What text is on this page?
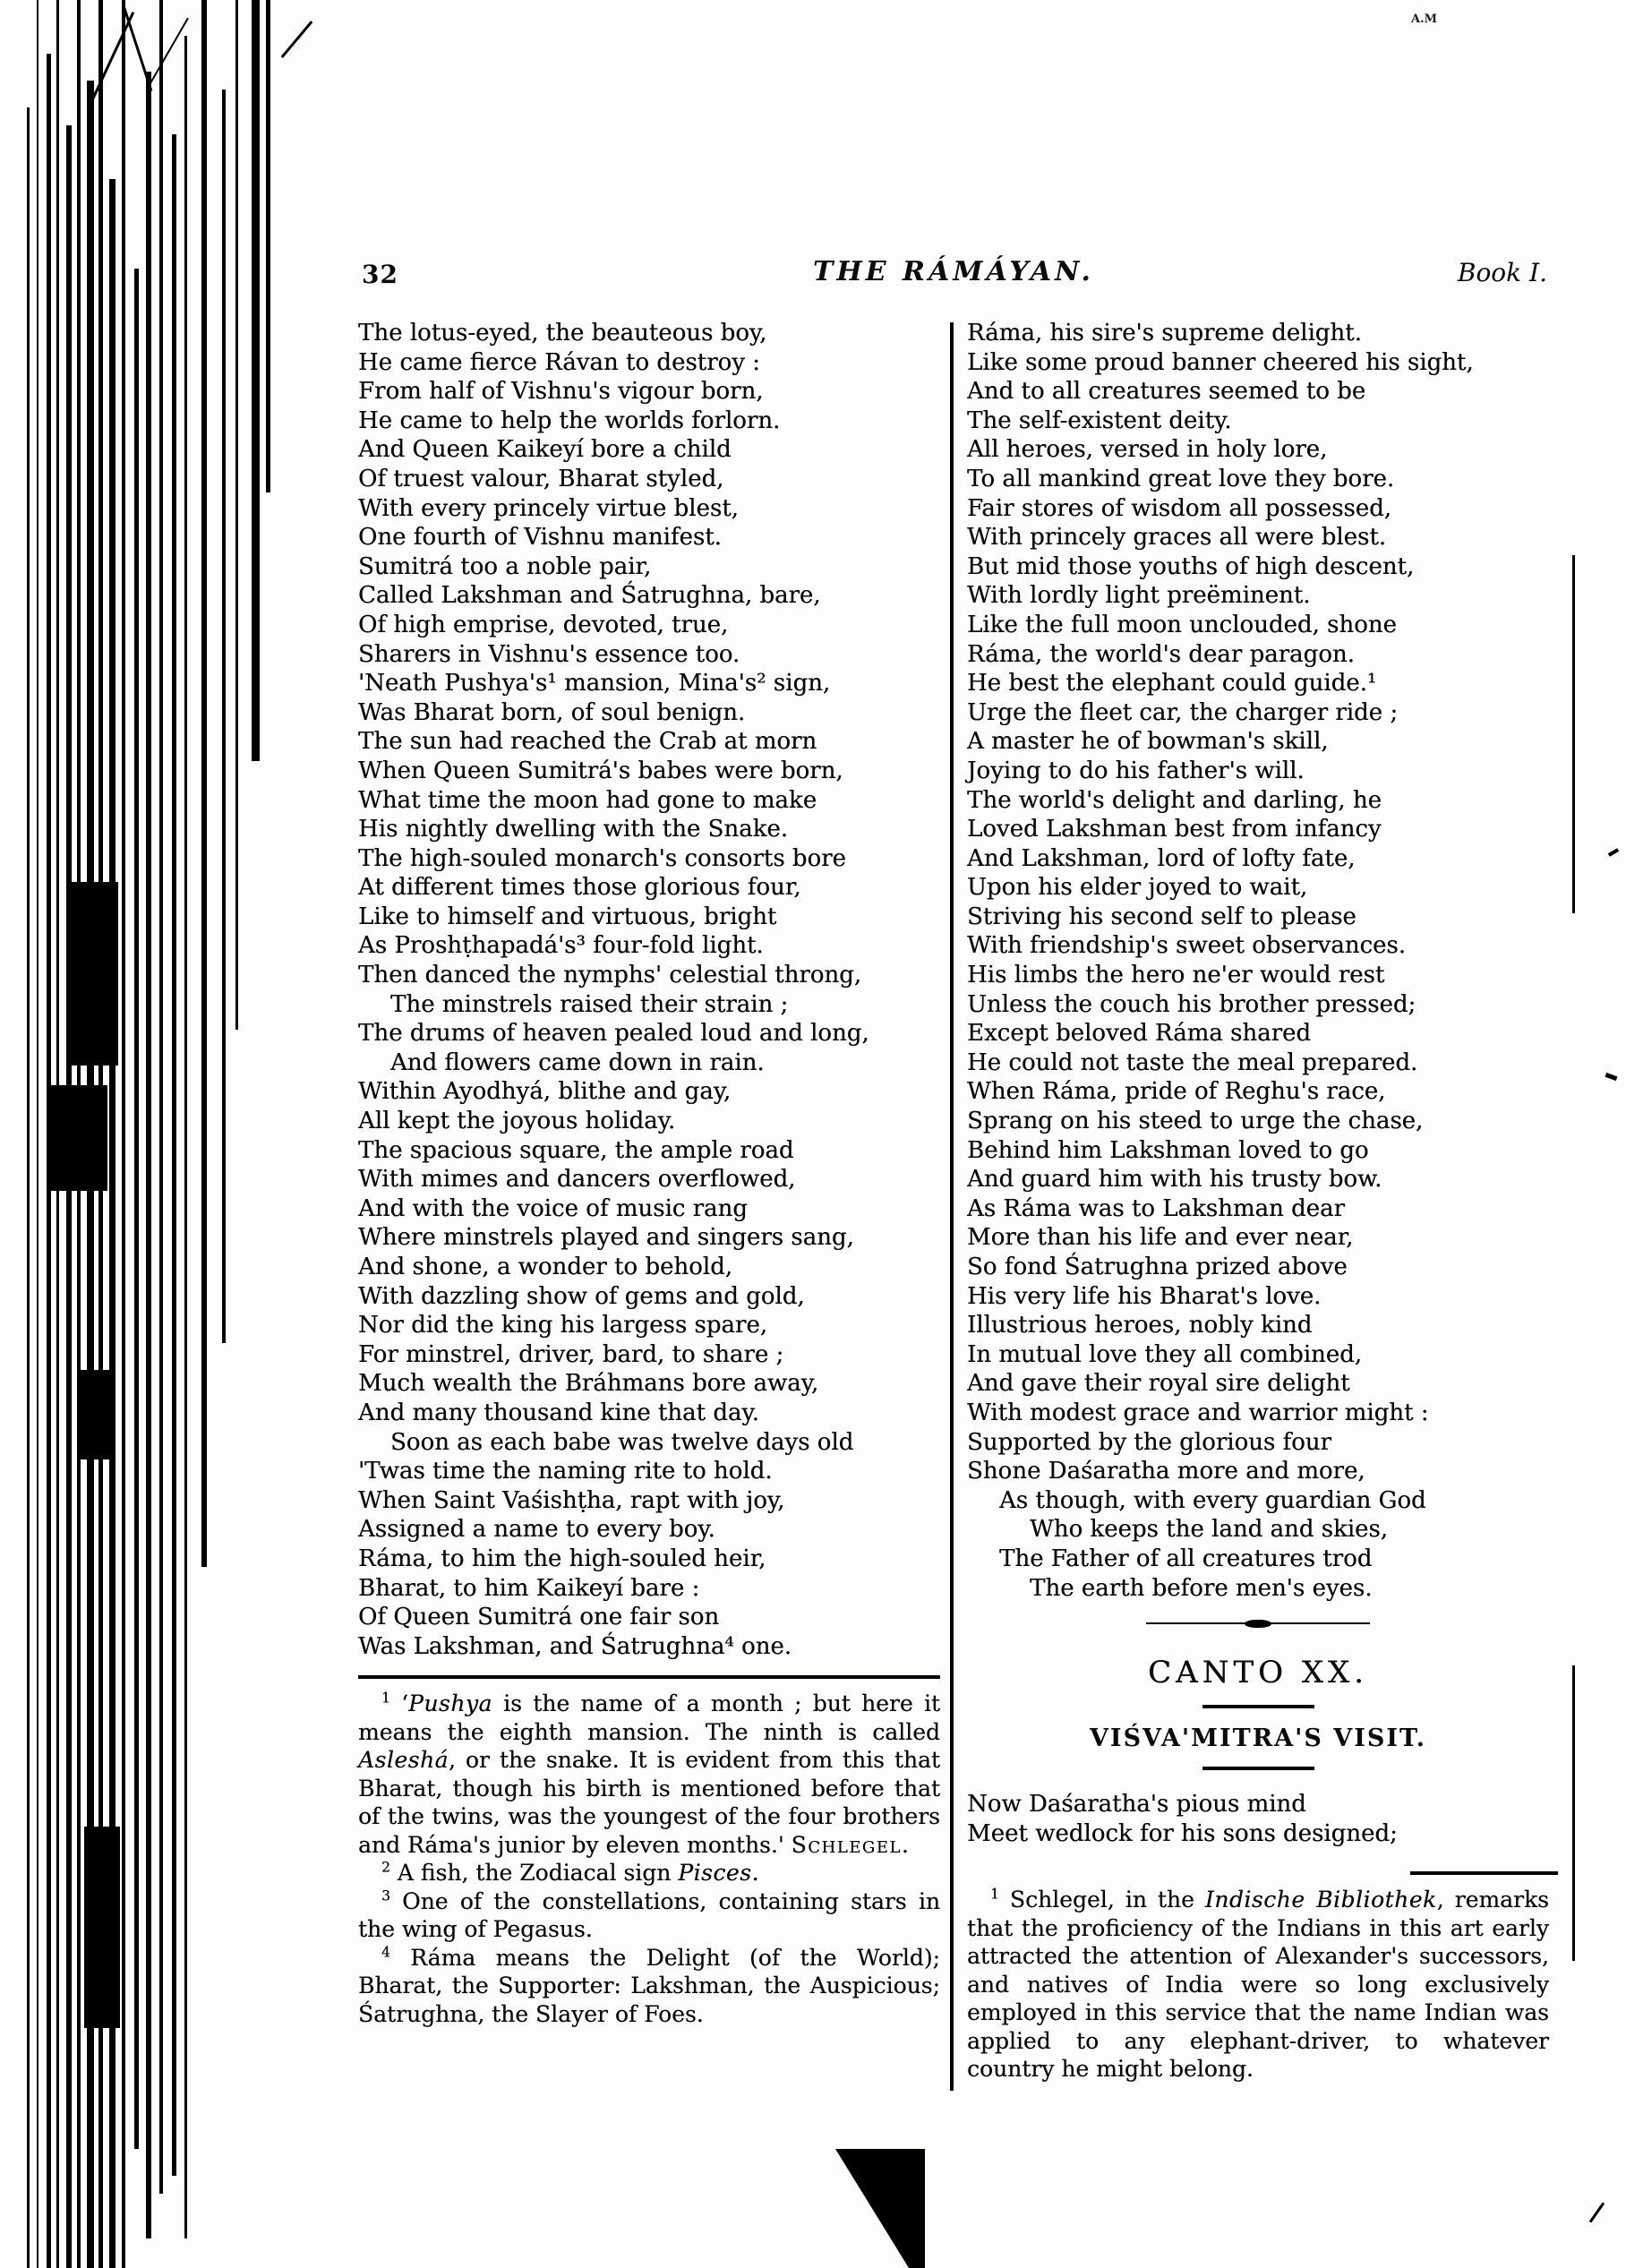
A.M
32	THE RÁMÁYAN.	Book I.
The lotus-eyed, the beauteous boy,
He came fierce Rávan to destroy :
From half of Vishnu's vigour born,
He came to help the worlds forlorn.
And Queen Kaikeyí bore a child
Of truest valour, Bharat styled,
With every princely virtue blest,
One fourth of Vishnu manifest.
Sumitrá too a noble pair,
Called Lakshman and Śatrughna, bare,
Of high emprise, devoted, true,
Sharers in Vishnu's essence too.
'Neath Pushya's¹ mansion, Mina's² sign,
Was Bharat born, of soul benign.
The sun had reached the Crab at morn
When Queen Sumitrá's babes were born,
What time the moon had gone to make
His nightly dwelling with the Snake.
The high-souled monarch's consorts bore
At different times those glorious four,
Like to himself and virtuous, bright
As Proshṭhapadá's³ four-fold light.
Then danced the nymphs' celestial throng,
The minstrels raised their strain ;
The drums of heaven pealed loud and long,
And flowers came down in rain.
Within Ayodhyá, blithe and gay,
All kept the joyous holiday.
The spacious square, the ample road
With mimes and dancers overflowed,
And with the voice of music rang
Where minstrels played and singers sang,
And shone, a wonder to behold,
With dazzling show of gems and gold,
Nor did the king his largess spare,
For minstrel, driver, bard, to share ;
Much wealth the Bráhmans bore away,
And many thousand kine that day.
Soon as each babe was twelve days old
'Twas time the naming rite to hold.
When Saint Vaśishṭha, rapt with joy,
Assigned a name to every boy.
Ráma, to him the high-souled heir,
Bharat, to him Kaikeyí bare :
Of Queen Sumitrá one fair son
Was Lakshman, and Śatrughna⁴ one.

$^1$ ‘Pushya is the name of a month ; but here it means the eighth mansion. The ninth is called Asleshá, or the snake. It is evident from this that Bharat, though his birth is mentioned before that of the twins, was the youngest of the four brothers and Ráma's junior by eleven months.' Schlegel.

$^2$ A fish, the Zodiacal sign Pisces.

$^3$ One of the constellations, containing stars in the wing of Pegasus.

$^4$ Ráma means the Delight (of the World); Bharat, the Supporter: Lakshman, the Auspicious; Śatrughna, the Slayer of Foes.

Ráma, his sire's supreme delight.
Like some proud banner cheered his sight,
And to all creatures seemed to be
The self-existent deity.
All heroes, versed in holy lore,
To all mankind great love they bore.
Fair stores of wisdom all possessed,
With princely graces all were blest.
But mid those youths of high descent,
With lordly light preëminent.
Like the full moon unclouded, shone
Ráma, the world's dear paragon.
He best the elephant could guide.¹
Urge the fleet car, the charger ride ;
A master he of bowman's skill,
Joying to do his father's will.
The world's delight and darling, he
Loved Lakshman best from infancy
And Lakshman, lord of lofty fate,
Upon his elder joyed to wait,
Striving his second self to please
With friendship's sweet observances.
His limbs the hero ne'er would rest
Unless the couch his brother pressed;
Except beloved Ráma shared
He could not taste the meal prepared.
When Ráma, pride of Reghu's race,
Sprang on his steed to urge the chase,
Behind him Lakshman loved to go
And guard him with his trusty bow.
As Ráma was to Lakshman dear
More than his life and ever near,
So fond Śatrughna prized above
His very life his Bharat's love.
Illustrious heroes, nobly kind
In mutual love they all combined,
And gave their royal sire delight
With modest grace and warrior might :
Supported by the glorious four
Shone Daśaratha more and more,
As though, with every guardian God
Who keeps the land and skies,
The Father of all creatures trod
The earth before men's eyes.
CANTO XX.
VIŚVA'MITRA'S VISIT.
Now Daśaratha's pious mind
Meet wedlock for his sons designed;

$^1$ Schlegel, in the Indische Bibliothek, remarks that the proficiency of the Indians in this art early attracted the attention of Alexander's successors, and natives of India were so long exclusively employed in this service that the name Indian was applied to any elephant-driver, to whatever country he might belong.
